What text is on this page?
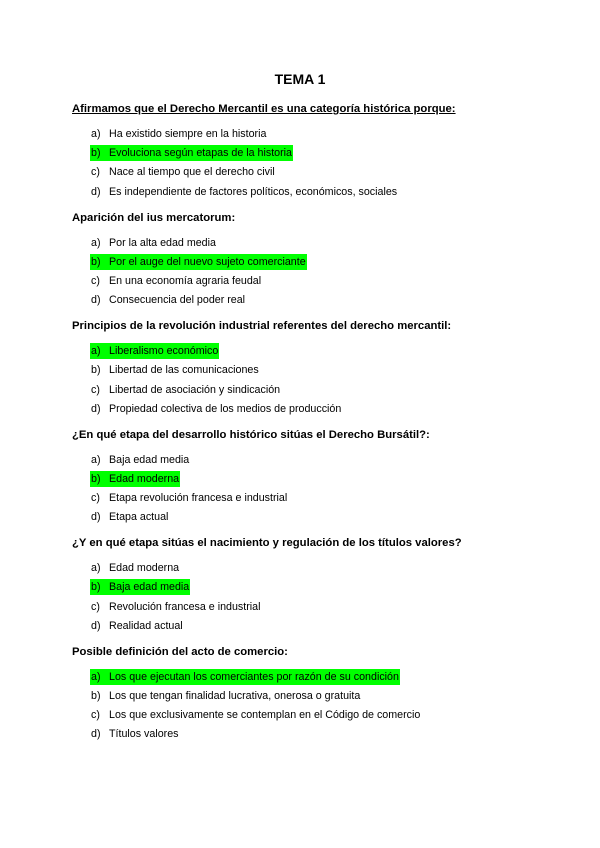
TEMA 1
Afirmamos que el Derecho Mercantil es una categoría histórica porque:
a) Ha existido siempre en la historia
b) Evoluciona según etapas de la historia
c) Nace al tiempo que el derecho civil
d) Es independiente de factores políticos, económicos, sociales
Aparición del ius mercatorum:
a) Por la alta edad media
b) Por el auge del nuevo sujeto comerciante
c) En una economía agraria feudal
d) Consecuencia del poder real
Principios de la revolución industrial referentes del derecho mercantil:
a) Liberalismo económico
b) Libertad de las comunicaciones
c) Libertad de asociación y sindicación
d) Propiedad colectiva de los medios de producción
¿En qué etapa del desarrollo histórico sitúas el Derecho Bursátil?:
a) Baja edad media
b) Edad moderna
c) Etapa revolución francesa e industrial
d) Etapa actual
¿Y en qué etapa sitúas el nacimiento y regulación de los títulos valores?
a) Edad moderna
b) Baja edad media
c) Revolución francesa e industrial
d) Realidad actual
Posible definición del acto de comercio:
a) Los que ejecutan los comerciantes por razón de su condición
b) Los que tengan finalidad lucrativa, onerosa o gratuita
c) Los que exclusivamente se contemplan en el Código de comercio
d) Títulos valores
